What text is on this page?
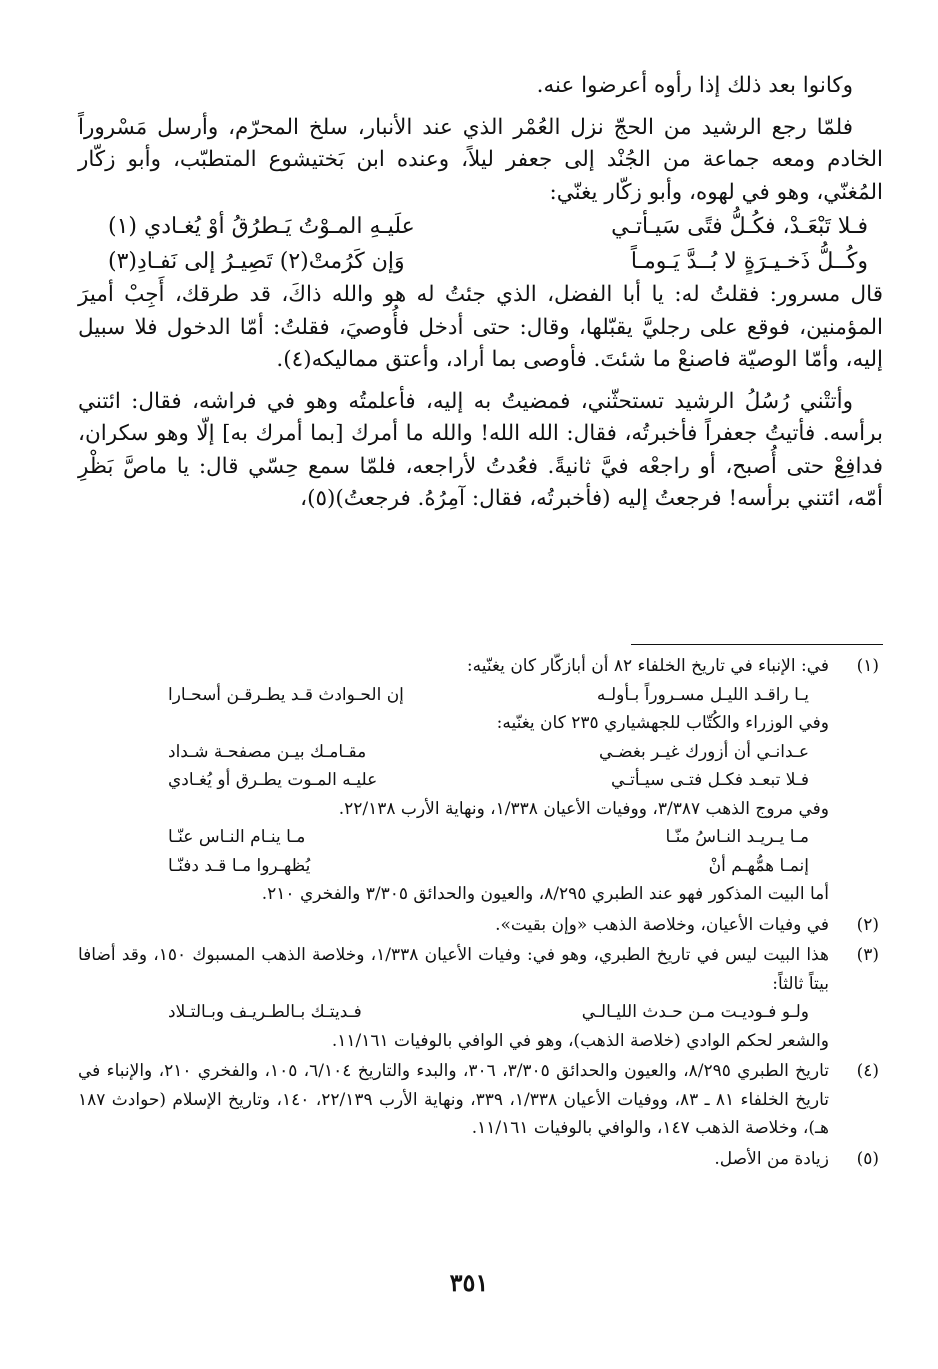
وكانوا بعد ذلك إذا رأوه أعرضوا عنه.

فلمّا رجع الرشيد من الحجّ نزل العُمْر الذي عند الأنبار، سلخ المحرّم، وأرسل مَسْروراً الخادم ومعه جماعة من الجُنْد إلى جعفر ليلاً، وعنده ابن بَختيشوع المتطبّب، وأبو زكّار المُغنّي، وهو في لهوه، وأبو زكّار يغنّي:

فـلا تَبْعَـدْ، فكُـلُّ فتًى سَيـأتـي
علَيـهِ المـوْتُ يَـطرُقُ أوْ يُغـادي (١)
وكُــلُّ ذَخـيـرَةٍ لا بُــدَّ يَـومـاً
وَإن كَرُمتْ(٢) تَصِيـرُ إلى نَفـادِ(٣)

قال مسرور: فقلتُ له: يا أبا الفضل، الذي جئتُ له هو والله ذاكَ، قد طرقك، أَجِبْ أميرَ المؤمنين، فوقع على رجليَّ يقبّلها، وقال: حتى أدخل فأُوصيَ، فقلتُ: أمّا الدخول فلا سبيل إليه، وأمّا الوصيّة فاصنعْ ما شئتَ. فأوصى بما أراد، وأعتق مماليكه(٤).

وأتتْني رُسُلُ الرشيد تستحثّني، فمضيتُ به إليه، فأعلمتُه وهو في فراشه، فقال: ائتني برأسه. فأتيتُ جعفراً فأخبرتُه، فقال: الله الله! والله ما أمرك [بما أمرك به] إلّا وهو سكران، فدافِعْ حتى أُصبح، أو راجعْه فيَّ ثانيةً. فعُدتُ لأراجعه، فلمّا سمع حِسّي قال: يا ماصَّ بَظْرِ أمّه، ائتني برأسه! فرجعتُ إليه (فأخبرتُه، فقال: آمِرُهُ. فرجعتُ)(٥)،

(١)

في: الإنباء في تاريخ الخلفاء ٨٢ أن أبازكّار كان يغنّيه:

يـا راقـد الليـل مسـروراً بـأولـه
إن الحـوادث قـد يطـرقـن أسحـارا

وفي الوزراء والكُتّاب للجهشياري ٢٣٥ كان يغنّيه:

عـدانـي أن أزورك غيـر بغضـي
مقـامـك بيـن مصفحـة شـداد
فـلا تبعـد فكـل فتـى سيـأتـي
عليـه المـوت يطـرق أو يُغـادي

وفي مروج الذهب ٣/٣٨٧، ووفيات الأعيان ١/٣٣٨، ونهاية الأرب ٢٢/١٣٨.

مـا يـريـد النـاسُ منّـا
مـا ينـام النـاس عنّـا
إنمـا همُّهـم أنْ
يُظهـروا مـا قـد دفنّـا

أما البيت المذكور فهو عند الطبري ٨/٢٩٥، والعيون والحدائق ٣/٣٠٥ والفخري ٢١٠.

(٢)

في وفيات الأعيان، وخلاصة الذهب «وإن بقيت».

(٣)

هذا البيت ليس في تاريخ الطبري، وهو في: وفيات الأعيان ١/٣٣٨، وخلاصة الذهب المسبوك ١٥٠، وقد أضافا بيتاً ثالثاً:

ولـو فـوديـت مـن حـدث الليـالـي
فـديتـك بـالطـريـف وبـالتـلاد

والشعر لحكم الوادي (خلاصة الذهب)، وهو في الوافي بالوفيات ١١/١٦١.

(٤)

تاريخ الطبري ٨/٢٩٥، والعيون والحدائق ٣/٣٠٥، ٣٠٦، والبدء والتاريخ ٦/١٠٤، ١٠٥، والفخري ٢١٠، والإنباء في تاريخ الخلفاء ٨١ ـ ٨٣، ووفيات الأعيان ١/٣٣٨، ٣٣٩، ونهاية الأرب ٢٢/١٣٩، ١٤٠، وتاريخ الإسلام (حوادث ١٨٧ هـ)، وخلاصة الذهب ١٤٧، والوافي بالوفيات ١١/١٦١.

(٥)

زيادة من الأصل.

٣٥١
